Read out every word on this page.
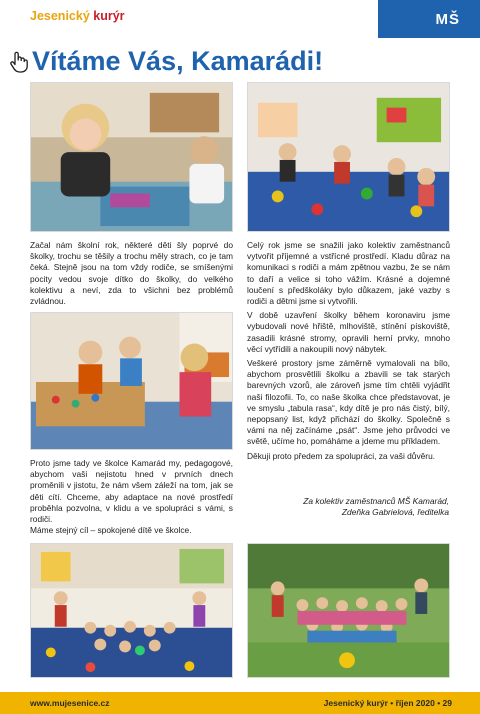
Jesenický kurýr	MŠ
Vítáme Vás, Kamarádi!

Začal nám školní rok, některé děti šly poprvé do školky, trochu se těšily a trochu měly strach, co je tam čeká. Stejně jsou na tom vždy rodiče, se smíšenými pocity vedou svoje dítko do školky, do velkého kolektivu a neví, zda to všichni bez problémů zvládnou.

Proto jsme tady ve školce Kamarád my, pedagogové, abychom vaši nejistotu hned v prvních dnech proměnili v jistotu, že nám všem záleží na tom, jak se děti cítí. Chceme, aby adaptace na nové prostředí proběhla pozvolna, v klidu a ve spolupráci s vámi, s rodiči.

Máme stejný cíl – spokojené dítě ve školce.

Celý rok jsme se snažili jako kolektiv zaměstnanců vytvořit příjemné a vstřícné prostředí. Kladu důraz na komunikaci s rodiči a mám zpětnou vazbu, že se nám to daří a velice si toho vážím. Krásné a dojemné loučení s předškoláky bylo důkazem, jaké vazby s rodiči a dětmi jsme si vytvořili.

V době uzavření školky během koronaviru jsme vybudovali nové hřiště, mlhoviště, stínění pískoviště, zasadili krásné stromy, opravili herní prvky, mnoho věcí vytřídili a nakoupili nový nábytek.

Veškeré prostory jsme záměrně vymalovali na bílo, abychom prosvětlili školku a zbavili se tak starých barevných vzorů, ale zároveň jsme tím chtěli vyjádřit naši filozofii. To, co naše školka chce představovat, je ve smyslu „tabula rasa“, kdy dítě je pro nás čistý, bílý, nepopsaný list, když přichází do školky. Společně s vámi na něj začínáme „psát“. Jsme jeho průvodci ve světě, učíme ho, pomáháme a jdeme mu příkladem.

Děkuji proto předem za spolupráci, za vaši důvěru.

Za kolektiv zaměstnanců MŠ Kamarád,
Zdeňka Gabrielová, ředitelka
www.mujesenice.cz	Jesenický kurýr • říjen 2020 • 29
